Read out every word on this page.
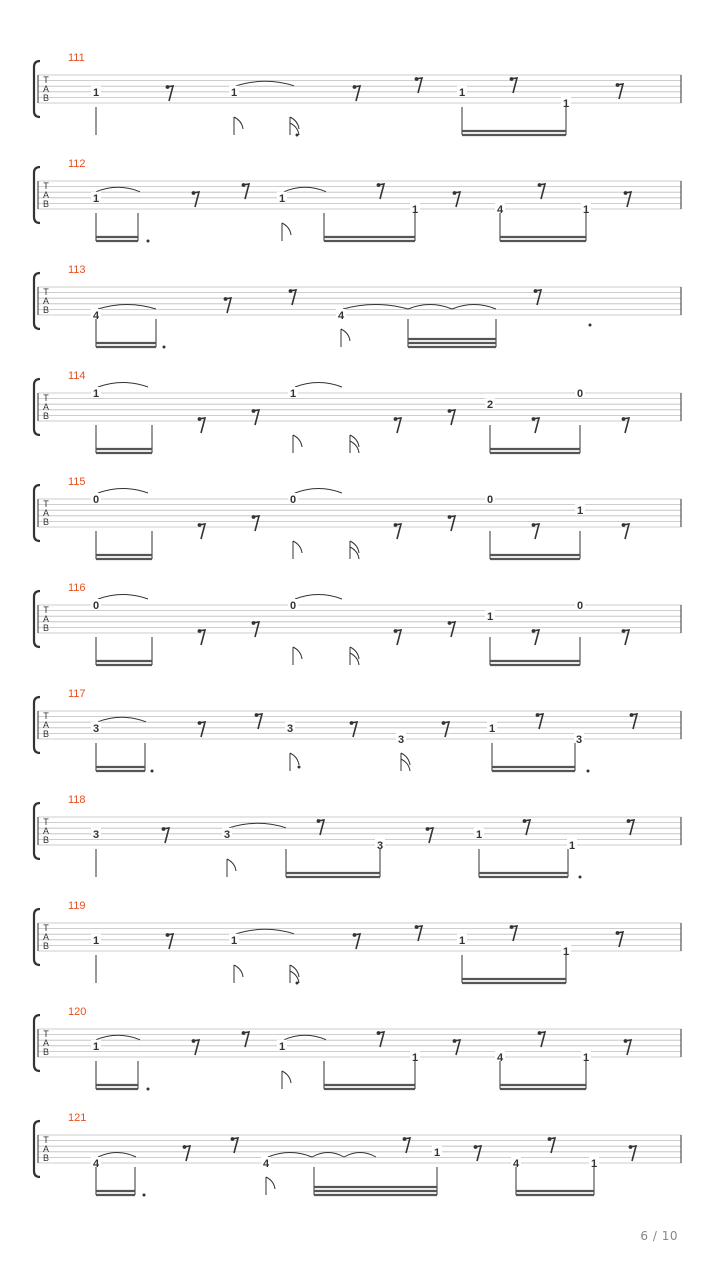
T
A
B
111
1	1	1
1
T
A
B
112
1	1
1	4	1
T
A
B
113
4	4
T
A
B
114
1	1
2
0
T
A
B
115
0	0	0
1
T
A
B
116
0	0
1
0
T
A
B
117
3	3
3
1
3
T
A
B
118
3	3
3
1
1
T
A
B
119
1	1	1
1
T
A
B
120
1	1
1	4	1
T
A
B
121
4	4
1
4	1
6 / 10
